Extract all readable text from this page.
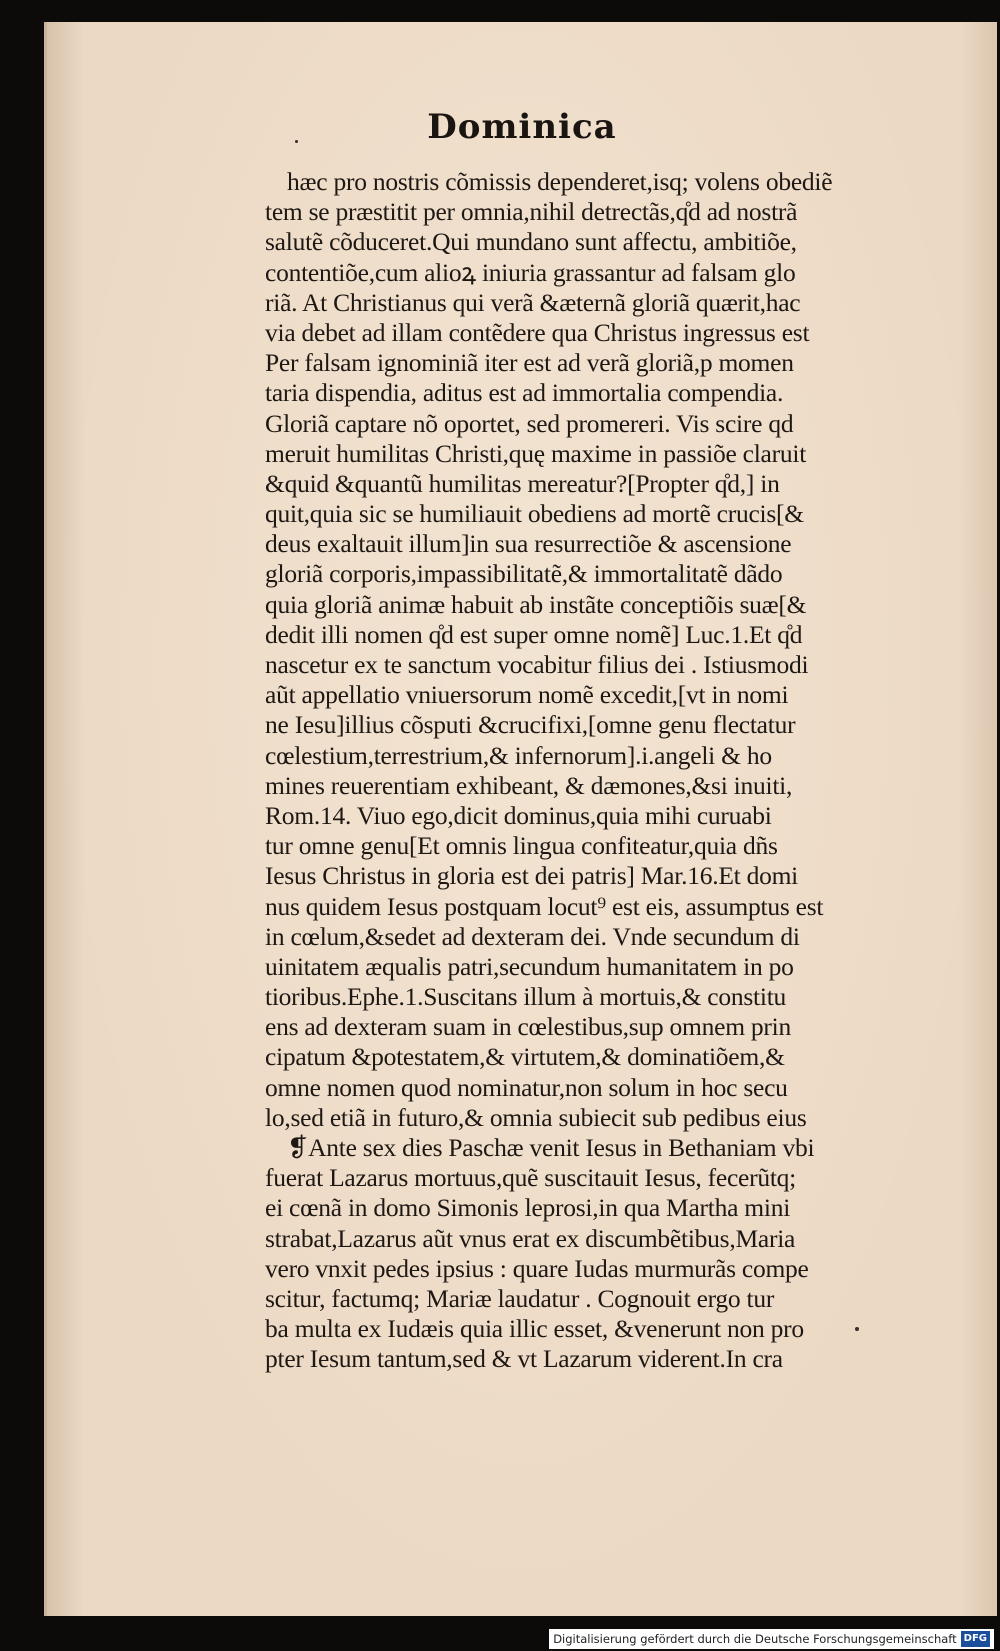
Dominica
hæc pro nostris cõmissis dependeret,isq; volens obediẽ
tem se præstitit per omnia,nihil detrectãs,q̊d ad nostrã
salutẽ cõduceret.Qui mundano sunt affectu, ambitiõe,
contentiõe,cum alioꝝ iniuria grassantur ad falsam glo
riã. At Christianus qui verã &æternã gloriã quærit,hac
via debet ad illam contẽdere qua Christus ingressus est
Per falsam ignominiã iter est ad verã gloriã,p momen
taria dispendia, aditus est ad immortalia compendia.
Gloriã captare nõ oportet, sed promereri. Vis scire qd
meruit humilitas Christi,quę maxime in passiõe claruit
&quid &quantũ humilitas mereatur?[Propter q̊d,] in
quit,quia sic se humiliauit obediens ad mortẽ crucis[&
deus exaltauit illum]in sua resurrectiõe & ascensione
gloriã corporis,impassibilitatẽ,& immortalitatẽ dãdo
quia gloriã animæ habuit ab instãte conceptiõis suæ[&
dedit illi nomen q̊d est super omne nomẽ] Luc.1.Et q̊d
nascetur ex te sanctum vocabitur filius dei . Istiusmodi
aũt appellatio vniuersorum nomẽ excedit,[vt in nomi
ne Iesu]illius cõsputi &crucifixi,[omne genu flectatur
cœlestium,terrestrium,& infernorum].i.angeli & ho
mines reuerentiam exhibeant, & dæmones,&si inuiti,
Rom.14. Viuo ego,dicit dominus,quia mihi curuabi
tur omne genu[Et omnis lingua confiteatur,quia dñs
Iesus Christus in gloria est dei patris] Mar.16.Et domi
nus quidem Iesus postquam locut⁹ est eis, assumptus est
in cœlum,&sedet ad dexteram dei. Vnde secundum di
uinitatem æqualis patri,secundum humanitatem in po
tioribus.Ephe.1.Suscitans illum à mortuis,& constitu
ens ad dexteram suam in cœlestibus,sup omnem prin
cipatum &potestatem,& virtutem,& dominatiõem,&
omne nomen quod nominatur,non solum in hoc secu
lo,sed etiã in futuro,& omnia subiecit sub pedibus eius
❡Ante sex dies Paschæ venit Iesus in Bethaniam vbi
fuerat Lazarus mortuus,quẽ suscitauit Iesus, fecerũtq;
ei cœnã in domo Simonis leprosi,in qua Martha mini
strabat,Lazarus aũt vnus erat ex discumbẽtibus,Maria
vero vnxit pedes ipsius : quare Iudas murmurãs compe
scitur, factumq; Mariæ laudatur . Cognouit ergo tur
ba multa ex Iudæis quia illic esset, &venerunt non pro
pter Iesum tantum,sed & vt Lazarum viderent.In cra
Digitalisierung gefördert durch die Deutsche Forschungsgemeinschaft DFG
